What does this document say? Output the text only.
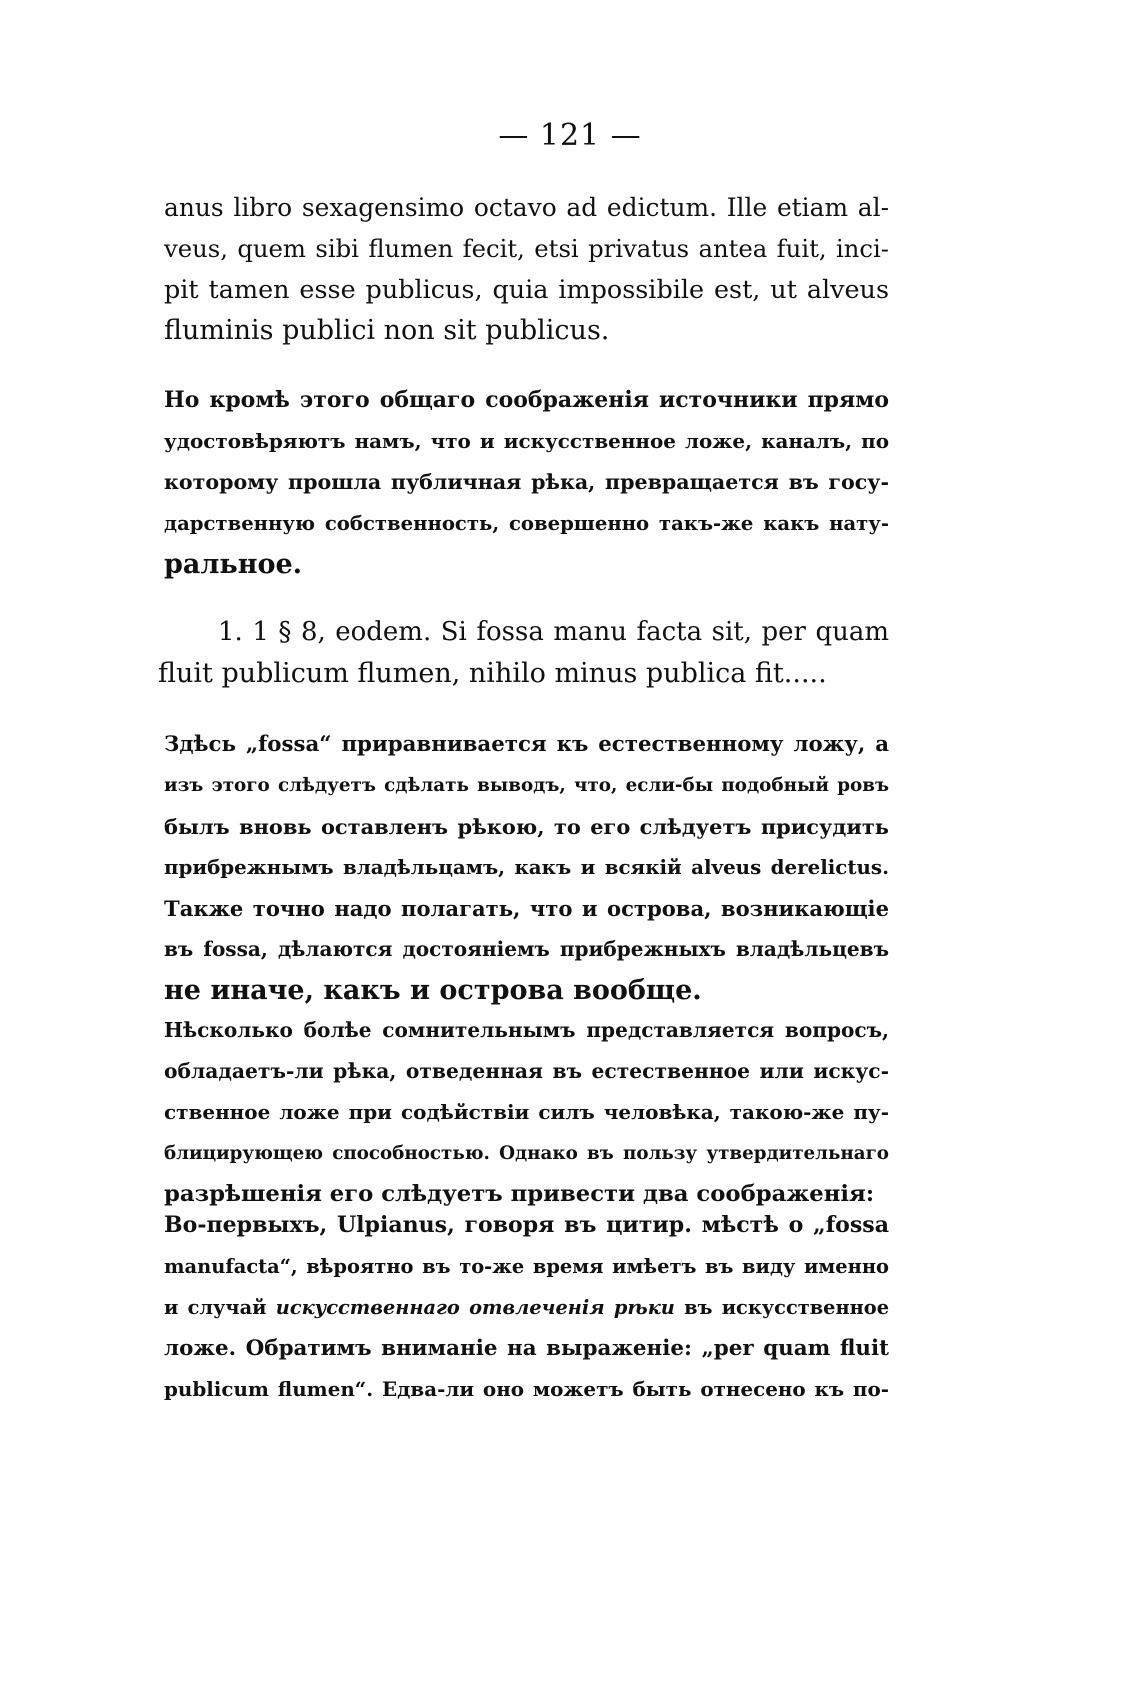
— 121 —
anus libro sexagensimo octavo ad edictum. Ille etiam al-
veus, quem sibi flumen fecit, etsi privatus antea fuit, inci-
pit tamen esse publicus, quia impossibile est, ut alveus
fluminis publici non sit publicus.
Но кромѣ этого общаго соображенія источники прямо
удостовѣряютъ намъ, что и искусственное ложе, каналъ, по
которому прошла публичная рѣка, превращается въ госу-
дарственную собственность, совершенно такъ-же какъ нату-
ральное.
1. 1 § 8, eodem. Si fossa manu facta sit, per quam
fluit publicum flumen, nihilo minus publica fit.....
Здѣсь „fossa“ приравнивается къ естественному ложу, а
изъ этого слѣдуетъ сдѣлать выводъ, что, если-бы подобный ровъ
былъ вновь оставленъ рѣкою, то его слѣдуетъ присудить
прибрежнымъ владѣльцамъ, какъ и всякій alveus derelictus.
Также точно надо полагать, что и острова, возникающіе
въ fossa, дѣлаются достояніемъ прибрежныхъ владѣльцевъ
не иначе, какъ и острова вообще.
Нѣсколько болѣе сомнительнымъ представляется вопросъ,
обладаетъ-ли рѣка, отведенная въ естественное или искус-
ственное ложе при содѣйствіи силъ человѣка, такою-же пу-
блицирующею способностью. Однако въ пользу утвердительнаго
разрѣшенія его слѣдуетъ привести два соображенія:
Во-первыхъ, Ulpianus, говоря въ цитир. мѣстѣ о „fossa
manufacta“, вѣроятно въ то-же время имѣетъ въ виду именно
и случай искусственнаго отвлеченія рѣки въ искусственное
ложе. Обратимъ вниманіе на выраженіе: „per quam fluit
publicum flumen“. Едва-ли оно можетъ быть отнесено къ по-
